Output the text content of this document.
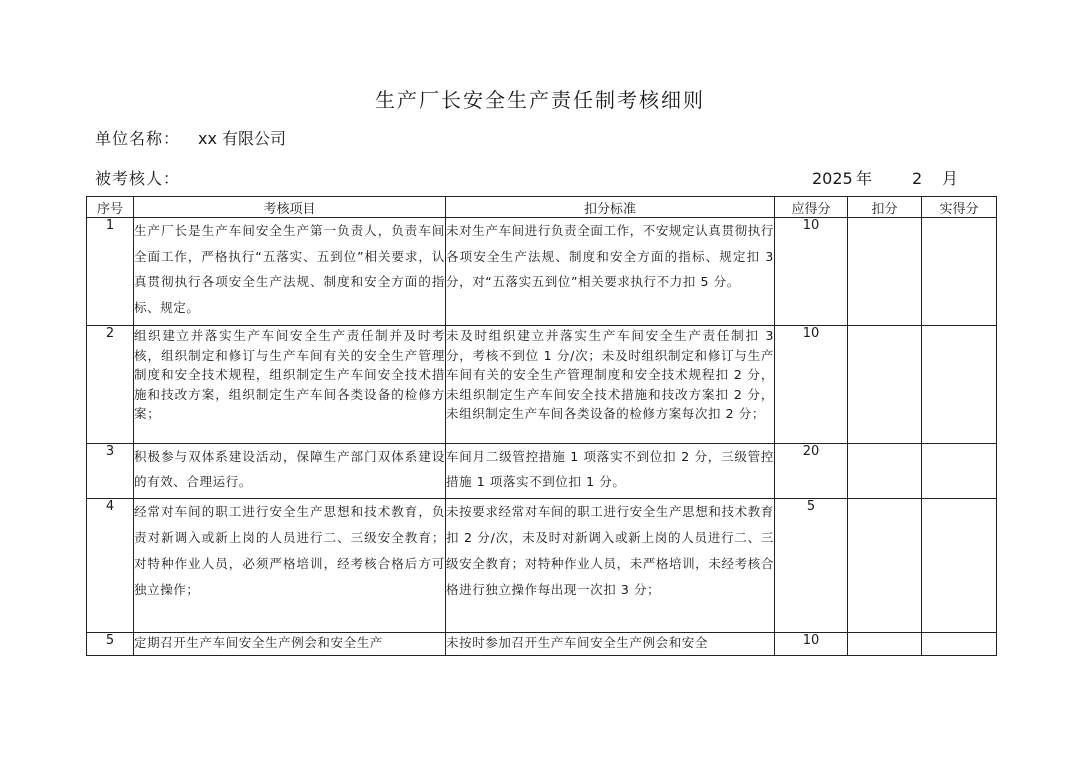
生产厂长安全生产责任制考核细则
单位名称： xx 有限公司
被考核人：	2025 年 2 月
序号	考核项目	扣分标准	应得分	扣分	实得分
1	生产厂长是生产车间安全生产第一负责人，负责车间全面工作，严格执行“五落实、五到位”相关要求，认真贯彻执行各项安全生产法规、制度和安全方面的指标、规定。	未对生产车间进行负责全面工作，不安规定认真贯彻执行各项安全生产法规、制度和安全方面的指标、规定扣 3 分，对“五落实五到位”相关要求执行不力扣 5 分。	10		
2	组织建立并落实生产车间安全生产责任制并及时考核，组织制定和修订与生产车间有关的安全生产管理制度和安全技术规程，组织制定生产车间安全技术措施和技改方案，组织制定生产车间各类设备的检修方案；	未及时组织建立并落实生产车间安全生产责任制扣 3 分，考核不到位 1 分/次；未及时组织制定和修订与生产车间有关的安全生产管理制度和安全技术规程扣 2 分，未组织制定生产车间安全技术措施和技改方案扣 2 分，未组织制定生产车间各类设备的检修方案每次扣 2 分；	10		
3	积极参与双体系建设活动，保障生产部门双体系建设的有效、合理运行。	车间月二级管控措施 1 项落实不到位扣 2 分，三级管控措施 1 项落实不到位扣 1 分。	20		
4	经常对车间的职工进行安全生产思想和技术教育，负责对新调入或新上岗的人员进行二、三级安全教育；对特种作业人员，必须严格培训，经考核合格后方可独立操作；	未按要求经常对车间的职工进行安全生产思想和技术教育扣 2 分/次，未及时对新调入或新上岗的人员进行二、三级安全教育；对特种作业人员，未严格培训，未经考核合格进行独立操作每出现一次扣 3 分；	5		
5	定期召开生产车间安全生产例会和安全生产	未按时参加召开生产车间安全生产例会和安全	10		
